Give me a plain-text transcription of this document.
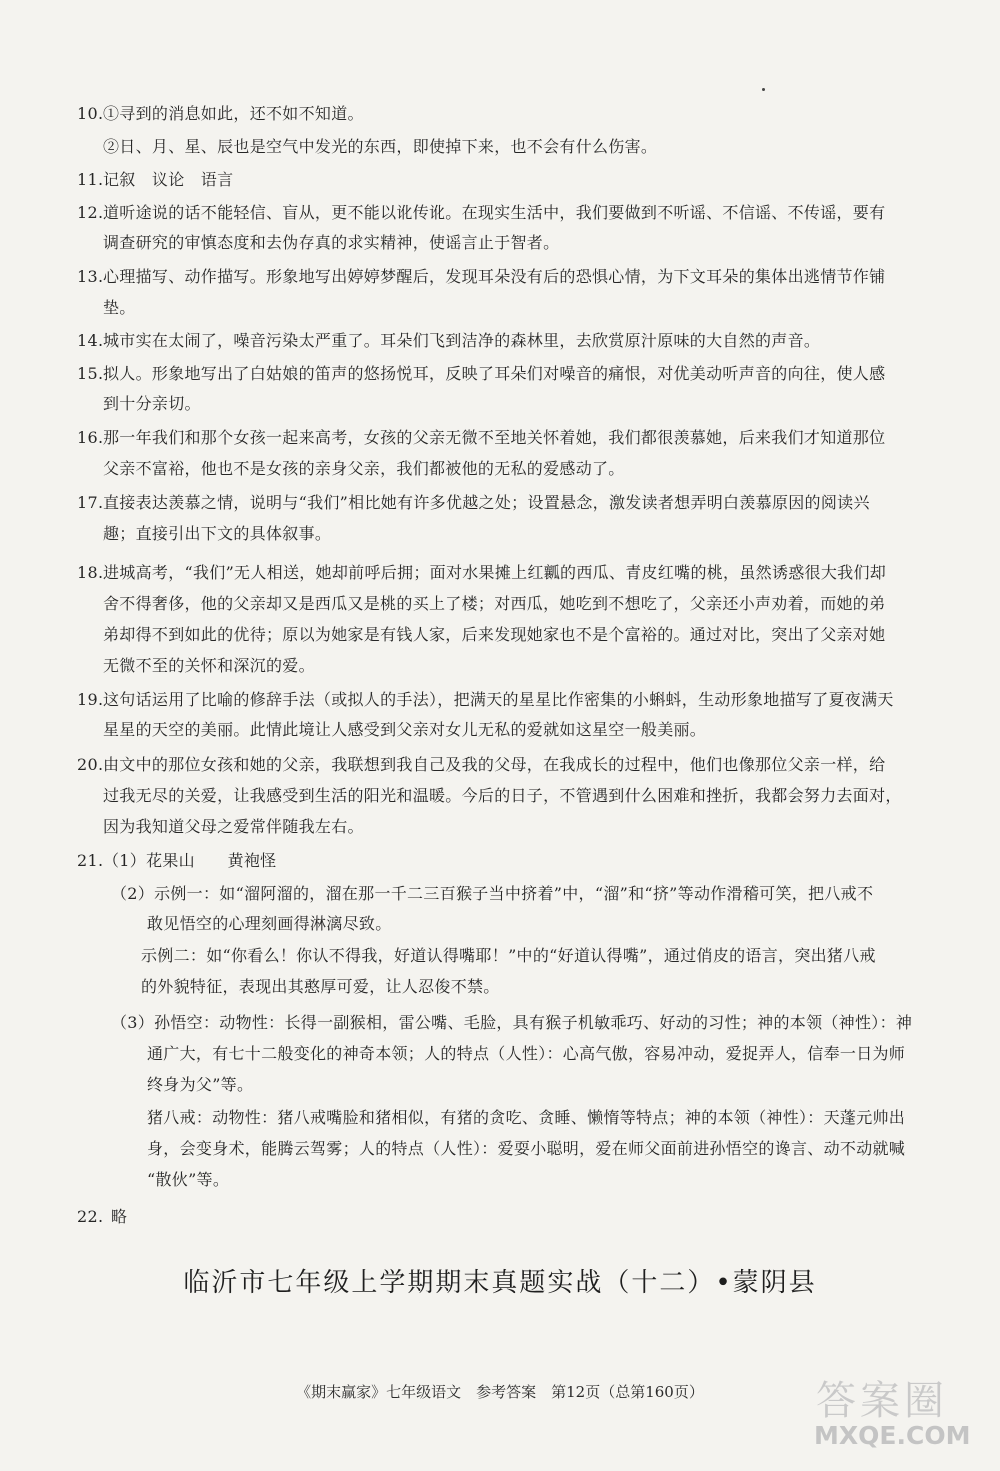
10. ①寻到的消息如此，还不如不知道。
②日、月、星、辰也是空气中发光的东西，即使掉下来，也不会有什么伤害。
11. 记叙　议论　语言
12. 道听途说的话不能轻信、盲从，更不能以讹传讹。在现实生活中，我们要做到不听谣、不信谣、不传谣，要有
调查研究的审慎态度和去伪存真的求实精神，使谣言止于智者。
13. 心理描写、动作描写。形象地写出婷婷梦醒后，发现耳朵没有后的恐惧心情，为下文耳朵的集体出逃情节作铺
垫。
14. 城市实在太闹了，噪音污染太严重了。耳朵们飞到洁净的森林里，去欣赏原汁原味的大自然的声音。
15. 拟人。形象地写出了白姑娘的笛声的悠扬悦耳，反映了耳朵们对噪音的痛恨，对优美动听声音的向往，使人感
到十分亲切。
16. 那一年我们和那个女孩一起来高考，女孩的父亲无微不至地关怀着她，我们都很羡慕她，后来我们才知道那位
父亲不富裕，他也不是女孩的亲身父亲，我们都被他的无私的爱感动了。
17. 直接表达羡慕之情，说明与“我们”相比她有许多优越之处；设置悬念，激发读者想弄明白羡慕原因的阅读兴
趣；直接引出下文的具体叙事。
18. 进城高考，“我们”无人相送，她却前呼后拥；面对水果摊上红瓤的西瓜、青皮红嘴的桃，虽然诱惑很大我们却
舍不得奢侈，他的父亲却又是西瓜又是桃的买上了楼；对西瓜，她吃到不想吃了，父亲还小声劝着，而她的弟
弟却得不到如此的优待；原以为她家是有钱人家，后来发现她家也不是个富裕的。通过对比，突出了父亲对她
无微不至的关怀和深沉的爱。
19. 这句话运用了比喻的修辞手法（或拟人的手法），把满天的星星比作密集的小蝌蚪，生动形象地描写了夏夜满天
星星的天空的美丽。此情此境让人感受到父亲对女儿无私的爱就如这星空一般美丽。
20. 由文中的那位女孩和她的父亲，我联想到我自己及我的父母，在我成长的过程中，他们也像那位父亲一样，给
过我无尽的关爱，让我感受到生活的阳光和温暖。今后的日子，不管遇到什么困难和挫折，我都会努力去面对，
因为我知道父母之爱常伴随我左右。
21. （1）花果山　　黄袍怪
（2）示例一：如“溜阿溜的，溜在那一千二三百猴子当中挤着”中，“溜”和“挤”等动作滑稽可笑，把八戒不
敢见悟空的心理刻画得淋漓尽致。
示例二：如“你看么！你认不得我，好道认得嘴耶！”中的“好道认得嘴”，通过俏皮的语言，突出猪八戒
的外貌特征，表现出其憨厚可爱，让人忍俊不禁。
（3）孙悟空：动物性：长得一副猴相，雷公嘴、毛脸，具有猴子机敏乖巧、好动的习性；神的本领（神性）：神
通广大，有七十二般变化的神奇本领；人的特点（人性）：心高气傲，容易冲动，爱捉弄人，信奉一日为师
终身为父”等。
猪八戒：动物性：猪八戒嘴脸和猪相似，有猪的贪吃、贪睡、懒惰等特点；神的本领（神性）：天蓬元帅出
身，会变身术，能腾云驾雾；人的特点（人性）：爱耍小聪明，爱在师父面前进孙悟空的谗言、动不动就喊
“散伙”等。
22. 略
临沂市七年级上学期期末真题实战（十二）•蒙阴县
《期末赢家》七年级语文　参考答案　第12页（总第160页）	答案圈
MXQE.COM
